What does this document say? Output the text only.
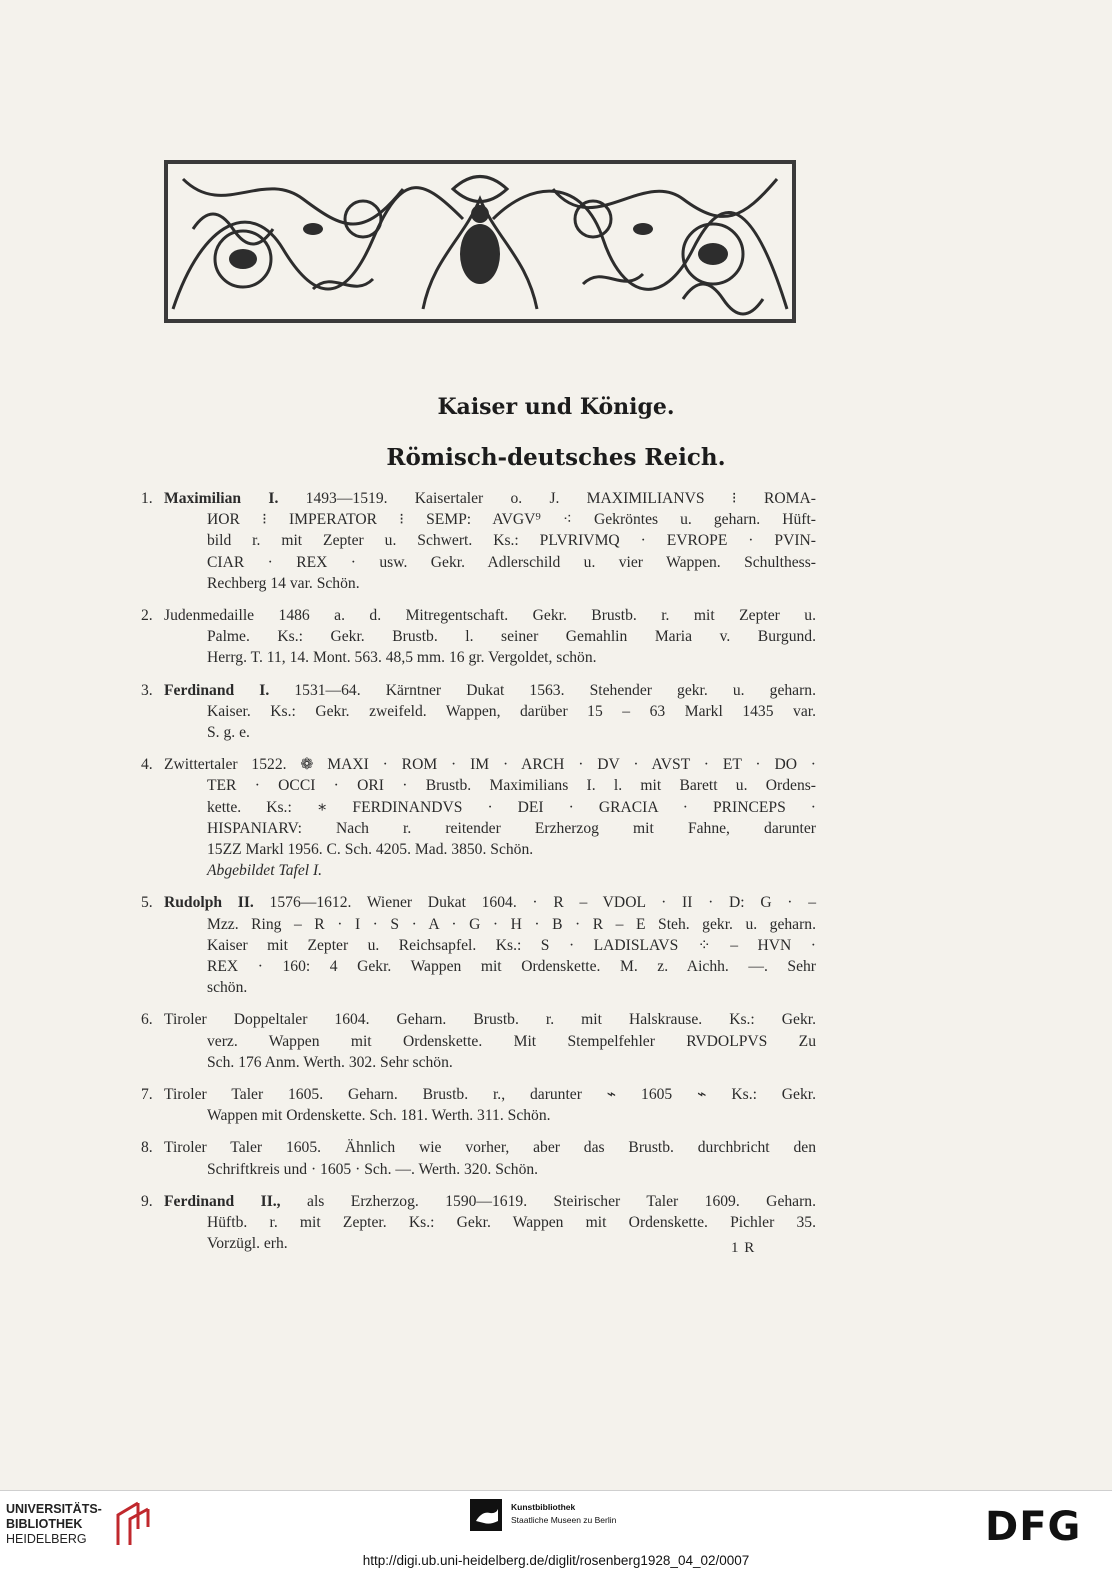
Kaiser und Könige.
Römisch-deutsches Reich.
1. Maximilian I. 1493—1519. Kaisertaler o. J. MAXIMILIANVS ⁝ ROMA-
ИOR ⁝ IMPERATOR ⁝ SEMP: AVGV⁹ ⁖ Gekröntes u. geharn. Hüft-
bild r. mit Zepter u. Schwert. Ks.: PLVRIVMQ · EVROPE · PVIN-
CIAR · REX · usw. Gekr. Adlerschild u. vier Wappen. Schulthess-
Rechberg 14 var. Schön.
2. Judenmedaille 1486 a. d. Mitregentschaft. Gekr. Brustb. r. mit Zepter u.
Palme. Ks.: Gekr. Brustb. l. seiner Gemahlin Maria v. Burgund.
Herrg. T. 11, 14. Mont. 563. 48,5 mm. 16 gr. Vergoldet, schön.
3. Ferdinand I. 1531—64. Kärntner Dukat 1563. Stehender gekr. u. geharn.
Kaiser. Ks.: Gekr. zweifeld. Wappen, darüber 15 – 63 Markl 1435 var.
S. g. e.
4. Zwittertaler 1522. ❁ MAXI · ROM · IM · ARCH · DV · AVST · ET · DO ·
TER · OCCI · ORI · Brustb. Maximilians I. l. mit Barett u. Ordens-
kette. Ks.: ∗ FERDINANDVS · DEI · GRACIA · PRINCEPS ·
HISPANIARV: Nach r. reitender Erzherzog mit Fahne, darunter
15ZZ Markl 1956. C. Sch. 4205. Mad. 3850. Schön.
Abgebildet Tafel I.
5. Rudolph II. 1576—1612. Wiener Dukat 1604. · R – VDOL · II · D: G · –
Mzz. Ring – R · I · S · A · G · H · B · R – E Steh. gekr. u. geharn.
Kaiser mit Zepter u. Reichsapfel. Ks.: S · LADISLAVS ⁘ – HVN ·
REX · 160: 4 Gekr. Wappen mit Ordenskette. M. z. Aichh. —. Sehr
schön.
6. Tiroler Doppeltaler 1604. Geharn. Brustb. r. mit Halskrause. Ks.: Gekr.
verz. Wappen mit Ordenskette. Mit Stempelfehler RVDOLPVS Zu
Sch. 176 Anm. Werth. 302. Sehr schön.
7. Tiroler Taler 1605. Geharn. Brustb. r., darunter ⌁ 1605 ⌁ Ks.: Gekr.
Wappen mit Ordenskette. Sch. 181. Werth. 311. Schön.
8. Tiroler Taler 1605. Ähnlich wie vorher, aber das Brustb. durchbricht den
Schriftkreis und · 1605 · Sch. —. Werth. 320. Schön.
9. Ferdinand II., als Erzherzog. 1590—1619. Steirischer Taler 1609. Geharn.
Hüftb. r. mit Zepter. Ks.: Gekr. Wappen mit Ordenskette. Pichler 35.
Vorzügl. erh.	1 R
UNIVERSITÄTS-
BIBLIOTHEK
HEIDELBERG
Kunstbibliothek
Staatliche Museen zu Berlin	DFG
http://digi.ub.uni-heidelberg.de/diglit/rosenberg1928_04_02/0007
